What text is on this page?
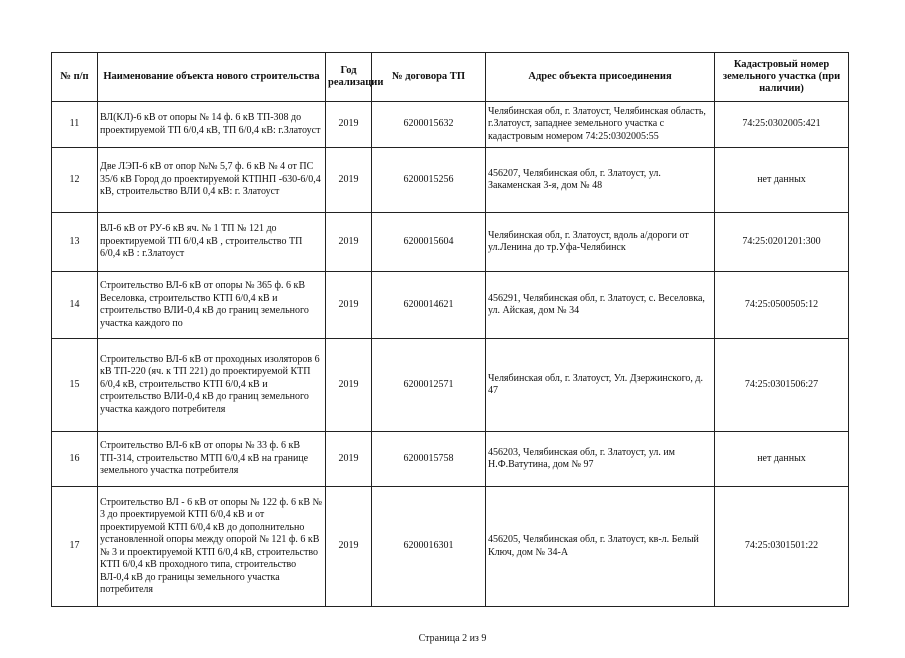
№ п/п	Наименование объекта нового строительства	Год реализации	№ договора ТП	Адрес объекта присоединения	Кадастровый номер земельного участка (при наличии)
11	ВЛ(КЛ)-6 кВ от опоры № 14 ф. 6 кВ ТП-308 до проектируемой ТП 6/0,4 кВ, ТП 6/0,4 кВ: г.Златоуст	2019	6200015632	Челябинская обл, г. Златоуст, Челябинская область, г.Златоуст, западнее земельного участка с кадастровым номером 74:25:0302005:55	74:25:0302005:421
12	Две ЛЭП-6 кВ от опор №№ 5,7 ф. 6 кВ № 4 от ПС 35/6 кВ Город до проектируемой КТПНП -630-6/0,4 кВ, строительство ВЛИ 0,4 кВ: г. Златоуст	2019	6200015256	456207, Челябинская обл, г. Златоуст, ул. Закаменская 3-я, дом № 48	нет данных
13	ВЛ-6 кВ от РУ-6 кВ яч. № 1 ТП № 121 до проектируемой ТП 6/0,4 кВ , строительство ТП 6/0,4 кВ : г.Златоуст	2019	6200015604	Челябинская обл, г. Златоуст, вдоль а/дороги от ул.Ленина до тр.Уфа-Челябинск	74:25:0201201:300
14	Строительство ВЛ-6 кВ от опоры № 365 ф. 6 кВ Веселовка, строительство КТП 6/0,4 кВ и строительство ВЛИ-0,4 кВ до границ земельного участка каждого по	2019	6200014621	456291, Челябинская обл, г. Златоуст, с. Веселовка, ул. Айская, дом № 34	74:25:0500505:12
15	Строительство ВЛ-6 кВ от проходных изоляторов 6 кВ ТП-220 (яч. к ТП 221) до проектируемой КТП 6/0,4 кВ, строительство КТП 6/0,4 кВ и строительство ВЛИ-0,4 кВ до границ земельного участка каждого потребителя	2019	6200012571	Челябинская обл, г. Златоуст, Ул. Дзержинского, д. 47	74:25:0301506:27
16	Строительство ВЛ-6 кВ от опоры № 33 ф. 6 кВ ТП-314, строительство МТП 6/0,4 кВ на границе земельного участка потребителя	2019	6200015758	456203, Челябинская обл, г. Златоуст, ул. им Н.Ф.Ватутина, дом № 97	нет данных
17	Строительство ВЛ - 6 кВ от опоры № 122 ф. 6 кВ № 3 до проектируемой КТП 6/0,4 кВ и от проектируемой КТП 6/0,4 кВ до дополнительно установленной опоры между опорой № 121 ф. 6 кВ № 3 и проектируемой КТП 6/0,4 кВ, строительство КТП 6/0,4 кВ проходного типа, строительство ВЛ-0,4 кВ до границы земельного участка потребителя	2019	6200016301	456205, Челябинская обл, г. Златоуст, кв-л. Белый Ключ, дом № 34-А	74:25:0301501:22
Страница 2 из 9
